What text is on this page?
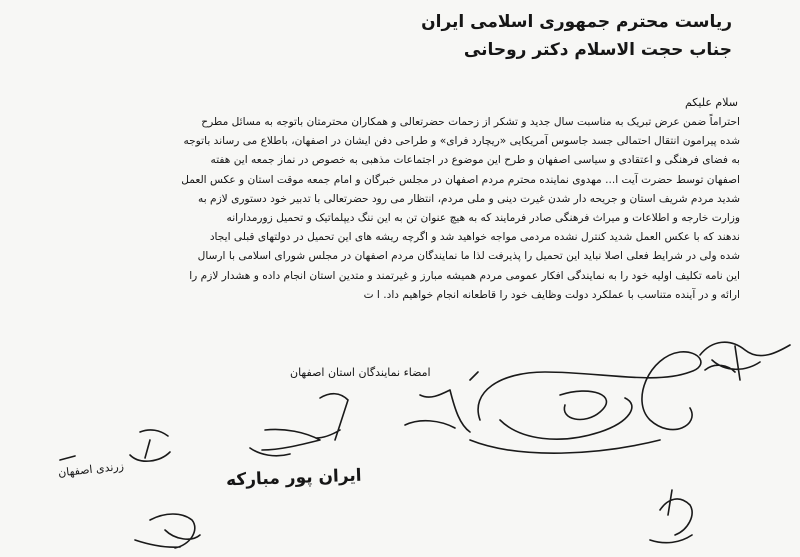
ریاست محترم جمهوری اسلامی ایران
جناب حجت الاسلام دکتر روحانی
سلام علیکم
احتراماً ضمن عرض تبریک به مناسبت سال جدید و تشکر از زحمات حضرتعالی و همکاران محترمتان باتوجه به مسائل مطرح
شده پیرامون انتقال احتمالی جسد جاسوس آمریکایی «ریچارد فرای» و طراحی دفن ایشان در اصفهان، باطلاع می رساند باتوجه
به فضای فرهنگی و اعتقادی و سیاسی اصفهان و طرح این موضوع در اجتماعات مذهبی به خصوص در نماز جمعه این هفته
اصفهان توسط حضرت آیت ا... مهدوی نماینده محترم مردم اصفهان در مجلس خبرگان و امام جمعه موقت استان و عکس العمل
شدید مردم شریف استان و جریحه دار شدن غیرت دینی و ملی مردم، انتظار می رود حضرتعالی با تدبیر خود دستوری لازم به
وزارت خارجه و اطلاعات و میراث فرهنگی صادر فرمایند که به هیچ عنوان تن به این ننگ دیپلماتیک و تحمیل زورمدارانه
ندهند که با عکس العمل شدید کنترل نشده مردمی مواجه خواهید شد و اگرچه ریشه های این تحمیل در دولتهای قبلی ایجاد
شده ولی در شرایط فعلی اصلا نباید این تحمیل را پذیرفت لذا ما نمایندگان مردم اصفهان در مجلس شورای اسلامی با ارسال
این نامه تکلیف اولیه خود را به نمایندگی افکار عمومی مردم همیشه مبارز و غیرتمند و متدین استان انجام داده و هشدار لازم را
ارائه و در آینده متناسب با عملکرد دولت وظایف خود را قاطعانه انجام خواهیم داد. ا ت
امضاء نمایندگان استان اصفهان
ایران پور مبارکه
زرندی اصفهان
